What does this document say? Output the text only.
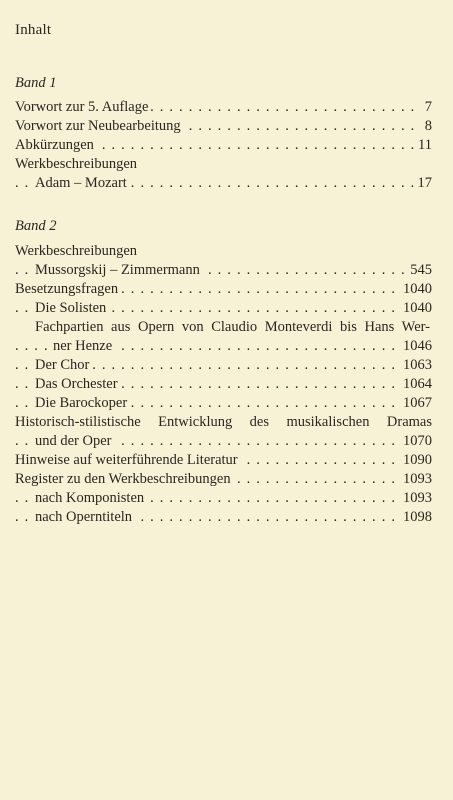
Inhalt
Band 1
Vorwort zur 5. Auflage	7
. . .
Vorwort zur Neubearbeitung	8
. . .
Abkürzungen	11
. . .
Werkbeschreibungen
Adam – Mozart	17
. . .
Band 2
Werkbeschreibungen
Mussorgskij – Zimmermann	545
. . .
Besetzungsfragen	1040
. . .
Die Solisten	1040
. . .
Fachpartien aus Opern von Claudio Monteverdi bis Hans Wer-
ner Henze	1046
. . .
Der Chor	1063
. . .
Das Orchester	1064
. . .
Die Barockoper	1067
. . .
Historisch-stilistische Entwicklung des musikalischen Dramas
und der Oper	1070
. . .
Hinweise auf weiterführende Literatur	1090
. . .
Register zu den Werkbeschreibungen	1093
. . .
nach Komponisten	1093
. . .
nach Operntiteln	1098
. . .
